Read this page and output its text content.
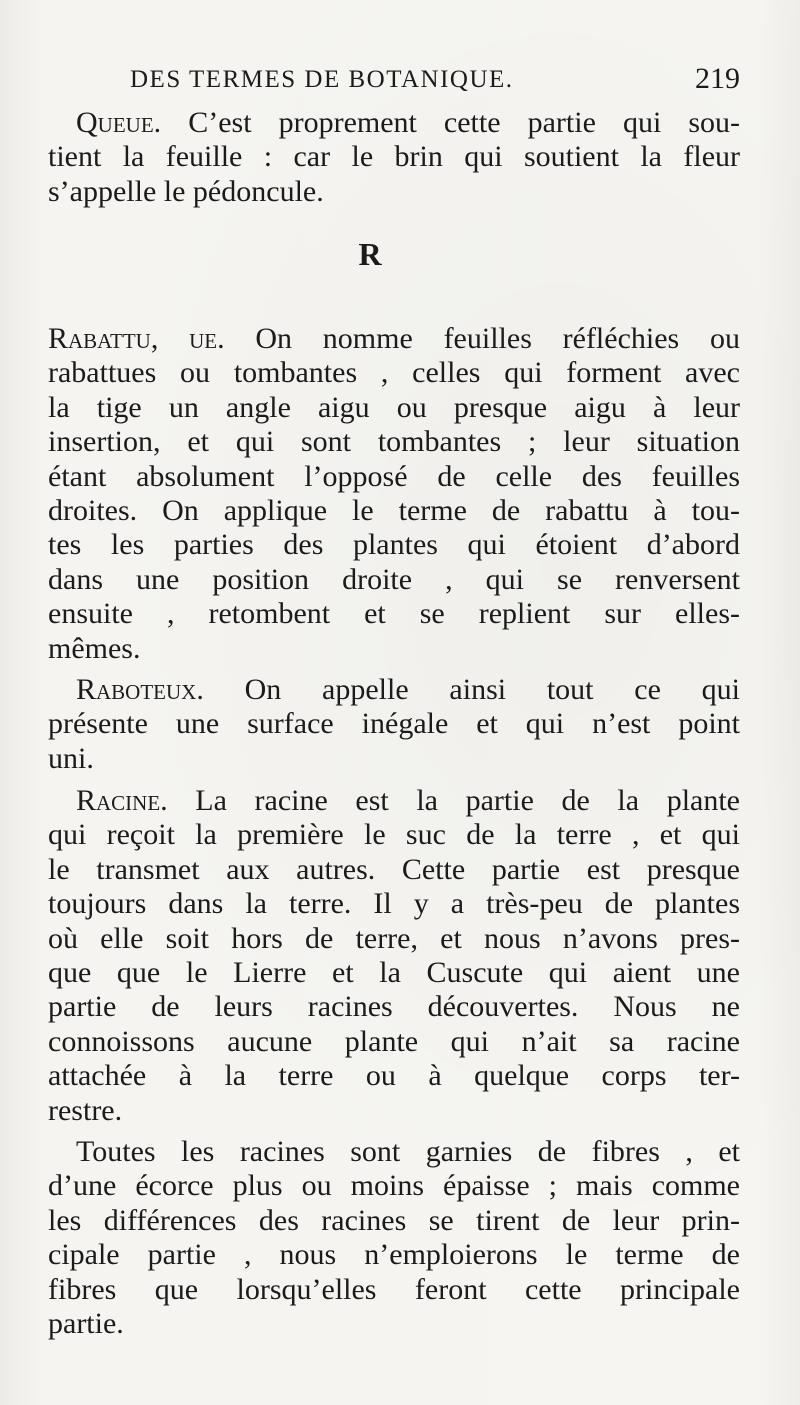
DES TERMES DE BOTANIQUE.	219
Queue. C’est proprement cette partie qui sou-
tient la feuille : car le brin qui soutient la fleur
s’appelle le pédoncule.
R
Rabattu, ue. On nomme feuilles réfléchies ou
rabattues ou tombantes , celles qui forment avec
la tige un angle aigu ou presque aigu à leur
insertion, et qui sont tombantes ; leur situation
étant absolument l’opposé de celle des feuilles
droites. On applique le terme de rabattu à tou-
tes les parties des plantes qui étoient d’abord
dans une position droite , qui se renversent
ensuite , retombent et se replient sur elles-
mêmes.
Raboteux. On appelle ainsi tout ce qui
présente une surface inégale et qui n’est point
uni.
Racine. La racine est la partie de la plante
qui reçoit la première le suc de la terre , et qui
le transmet aux autres. Cette partie est presque
toujours dans la terre. Il y a très-peu de plantes
où elle soit hors de terre, et nous n’avons pres-
que que le Lierre et la Cuscute qui aient une
partie de leurs racines découvertes. Nous ne
connoissons aucune plante qui n’ait sa racine
attachée à la terre ou à quelque corps ter-
restre.
Toutes les racines sont garnies de fibres , et
d’une écorce plus ou moins épaisse ; mais comme
les différences des racines se tirent de leur prin-
cipale partie , nous n’emploierons le terme de
fibres que lorsqu’elles feront cette principale
partie.
